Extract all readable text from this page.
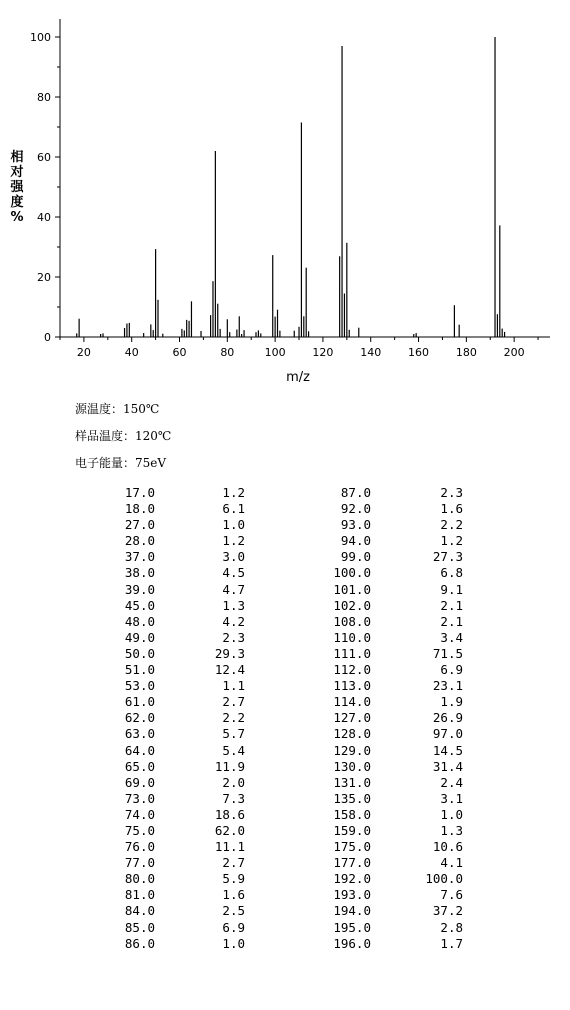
0
20
40
60
80
100
20	40	60	80	100 120 140 160 180 200
m/z
相
对
强
度
%
源温度：150℃
样品温度：120℃
电子能量：75eV
17.0	1.2	87.0	2.3
18.0	6.1	92.0	1.6
27.0	1.0	93.0	2.2
28.0	1.2	94.0	1.2
37.0	3.0	99.0	27.3
38.0	4.5	100.0	6.8
39.0	4.7	101.0	9.1
45.0	1.3	102.0	2.1
48.0	4.2	108.0	2.1
49.0	2.3	110.0	3.4
50.0	29.3	111.0	71.5
51.0	12.4	112.0	6.9
53.0	1.1	113.0	23.1
61.0	2.7	114.0	1.9
62.0	2.2	127.0	26.9
63.0	5.7	128.0	97.0
64.0	5.4	129.0	14.5
65.0	11.9	130.0	31.4
69.0	2.0	131.0	2.4
73.0	7.3	135.0	3.1
74.0	18.6	158.0	1.0
75.0	62.0	159.0	1.3
76.0	11.1	175.0	10.6
77.0	2.7	177.0	4.1
80.0	5.9	192.0	100.0
81.0	1.6	193.0	7.6
84.0	2.5	194.0	37.2
85.0	6.9	195.0	2.8
86.0	1.0	196.0	1.7
